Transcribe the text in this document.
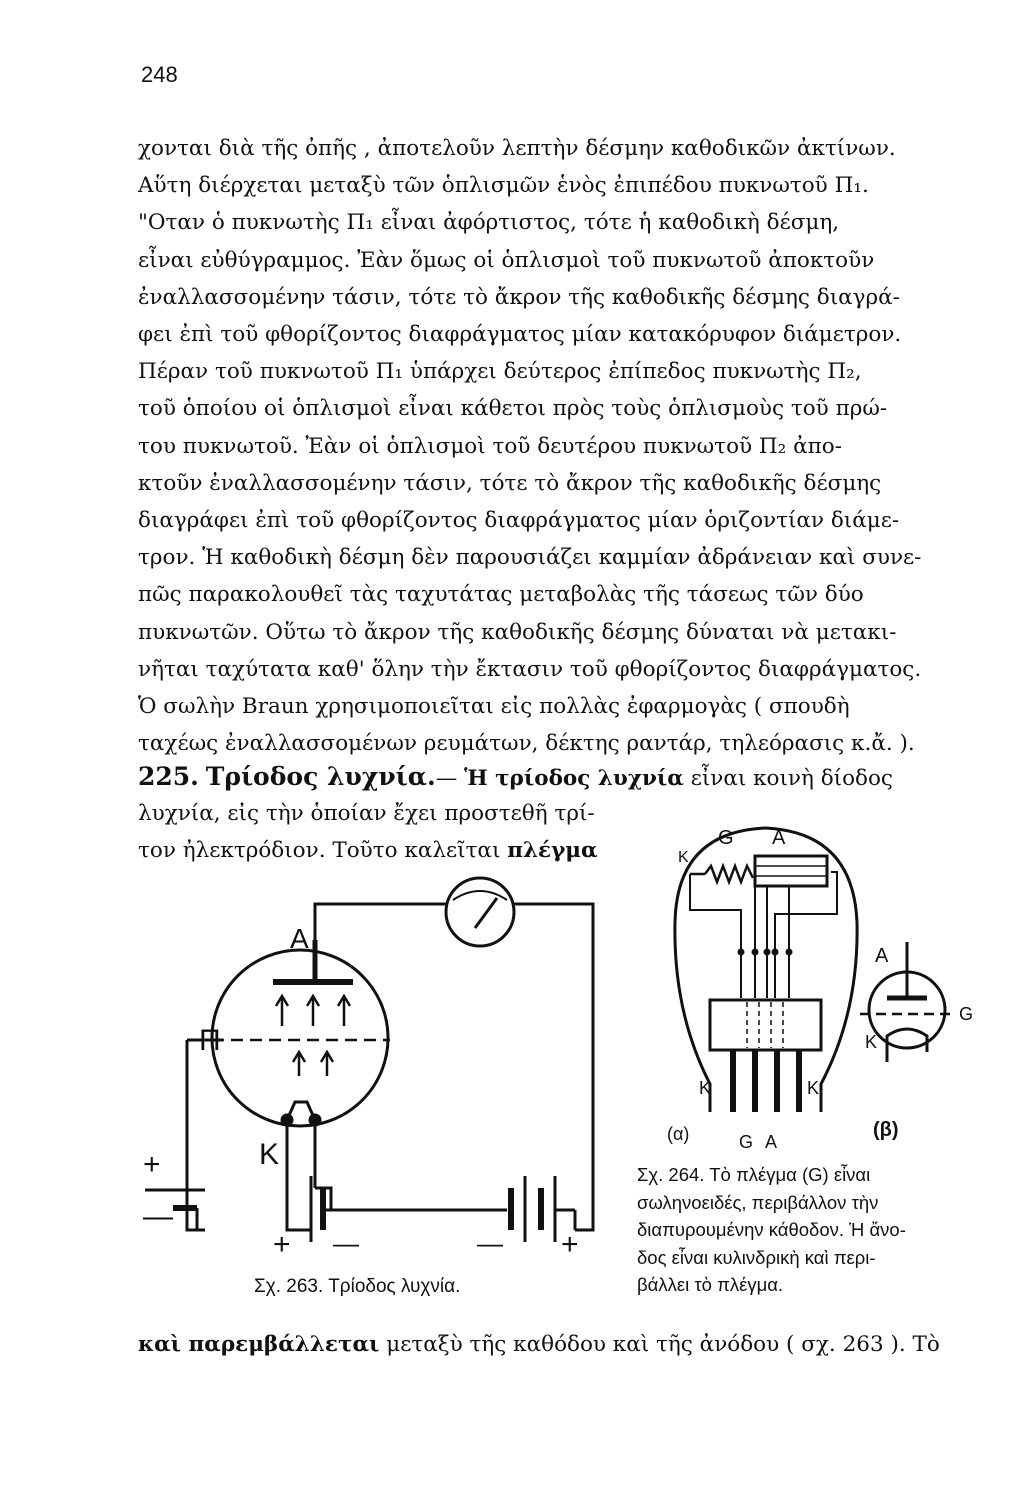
248

χονται διὰ τῆς ὀπῆς , ἀποτελοῦν λεπτὴν δέσμην καθοδικῶν ἀκτίνων.

Αὕτη διέρχεται μεταξὺ τῶν ὁπλισμῶν ἑνὸς ἐπιπέδου πυκνωτοῦ Π₁.

"Οταν ὁ πυκνωτὴς Π₁ εἶναι ἀφόρτιστος, τότε ἡ καθοδικὴ δέσμη,

εἶναι εὐθύγραμμος. Ἐὰν ὅμως οἱ ὁπλισμοὶ τοῦ πυκνωτοῦ ἀποκτοῦν

ἐναλλασσομένην τάσιν, τότε τὸ ἄκρον τῆς καθοδικῆς δέσμης διαγρά-

φει ἐπὶ τοῦ φθορίζοντος διαφράγματος μίαν κατακόρυφον διάμετρον.

Πέραν τοῦ πυκνωτοῦ Π₁ ὑπάρχει δεύτερος ἐπίπεδος πυκνωτὴς Π₂,

τοῦ ὁποίου οἱ ὁπλισμοὶ εἶναι κάθετοι πρὸς τοὺς ὁπλισμοὺς τοῦ πρώ-

του πυκνωτοῦ. Ἐὰν οἱ ὁπλισμοὶ τοῦ δευτέρου πυκνωτοῦ Π₂ ἀπο-

κτοῦν ἐναλλασσομένην τάσιν, τότε τὸ ἄκρον τῆς καθοδικῆς δέσμης

διαγράφει ἐπὶ τοῦ φθορίζοντος διαφράγματος μίαν ὁριζοντίαν διάμε-

τρον. Ἡ καθοδικὴ δέσμη δὲν παρουσιάζει καμμίαν ἀδράνειαν καὶ συνε-

πῶς παρακολουθεῖ τὰς ταχυτάτας μεταβολὰς τῆς τάσεως τῶν δύο

πυκνωτῶν. Οὕτω τὸ ἄκρον τῆς καθοδικῆς δέσμης δύναται νὰ μετακι-

νῆται ταχύτατα καθ' ὅλην τὴν ἔκτασιν τοῦ φθορίζοντος διαφράγματος.

Ὁ σωλὴν Braun χρησιμοποιεῖται εἰς πολλὰς ἐφαρμογὰς ( σπουδὴ

ταχέως ἐναλλασσομένων ρευμάτων, δέκτης ραντάρ, τηλεόρασις κ.ἄ. ).

225. Τρίοδος λυχνία.— Ἡ τρίοδος λυχνία εἶναι κοινὴ δίοδος
λυχνία, εἰς τὴν ὁποίαν ἔχει προστεθῆ τρί-
τον ἠλεκτρόδιον. Τοῦτο καλεῖται πλέγμα
A
Π
K
+
—
+ —	— +
Σχ. 263. Τρίοδος λυχνία.
G A
K
K	K
G A
(α)	(β)
A
G
K
Σχ. 264. Τὸ πλέγμα (G) εἶναι
σωληνοειδές, περιβάλλον τὴν
διαπυρουμένην κάθοδον. Ἡ ἄνο-
δος εἶναι κυλινδρικὴ καὶ περι-
βάλλει τὸ πλέγμα.
καὶ παρεμβάλλεται μεταξὺ τῆς καθόδου καὶ τῆς ἀνόδου ( σχ. 263 ). Τὸ
